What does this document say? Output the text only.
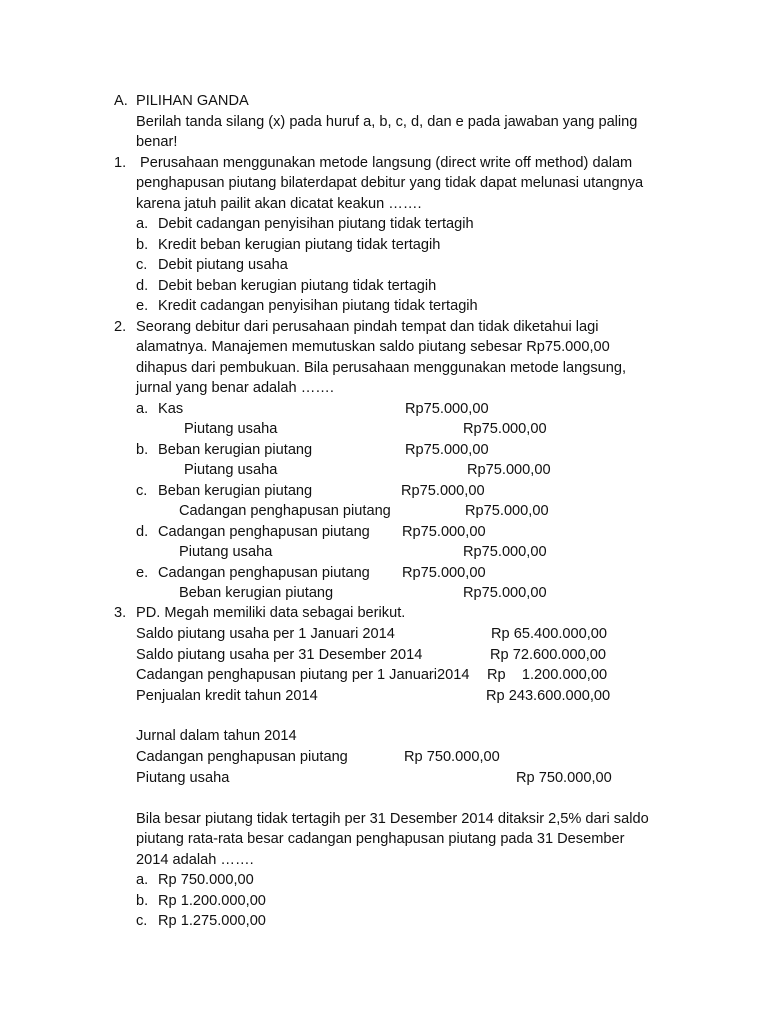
A. PILIHAN GANDA
Berilah tanda silang (x) pada huruf a, b, c, d, dan e pada jawaban yang paling
benar!
1. Perusahaan menggunakan metode langsung (direct write off method) dalam
penghapusan piutang bilaterdapat debitur yang tidak dapat melunasi utangnya
karena jatuh pailit akan dicatat keakun …….
a. Debit cadangan penyisihan piutang tidak tertagih
b. Kredit beban kerugian piutang tidak tertagih
c. Debit piutang usaha
d. Debit beban kerugian piutang tidak tertagih
e. Kredit cadangan penyisihan piutang tidak tertagih
2. Seorang debitur dari perusahaan pindah tempat dan tidak diketahui lagi
alamatnya. Manajemen memutuskan saldo piutang sebesar Rp75.000,00
dihapus dari pembukuan. Bila perusahaan menggunakan metode langsung,
jurnal yang benar adalah …….
a. Kas	Rp75.000,00
Piutang usaha	Rp75.000,00
b. Beban kerugian piutang	Rp75.000,00
Piutang usaha	Rp75.000,00
c. Beban kerugian piutang	Rp75.000,00
Cadangan penghapusan piutang	Rp75.000,00
d. Cadangan penghapusan piutang Rp75.000,00
Piutang usaha	Rp75.000,00
e. Cadangan penghapusan piutang Rp75.000,00
Beban kerugian piutang	Rp75.000,00
3. PD. Megah memiliki data sebagai berikut.
Saldo piutang usaha per 1 Januari 2014	Rp 65.400.000,00
Saldo piutang usaha per 31 Desember 2014	Rp 72.600.000,00
Cadangan penghapusan piutang per 1 Januari2014 Rp    1.200.000,00
Penjualan kredit tahun 2014	Rp 243.600.000,00
Jurnal dalam tahun 2014
Cadangan penghapusan piutang	Rp 750.000,00
Piutang usaha	Rp 750.000,00
Bila besar piutang tidak tertagih per 31 Desember 2014 ditaksir 2,5% dari saldo
piutang rata-rata besar cadangan penghapusan piutang pada 31 Desember
2014 adalah …….
a. Rp 750.000,00
b. Rp 1.200.000,00
c. Rp 1.275.000,00
